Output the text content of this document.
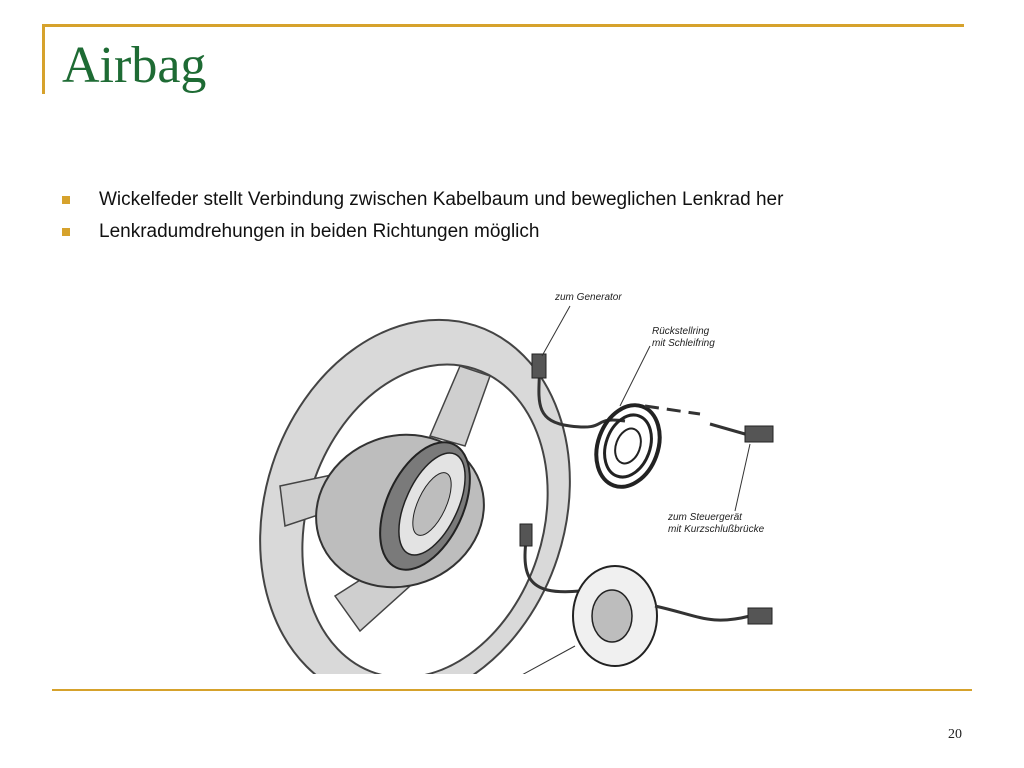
Airbag
Wickelfeder stellt Verbindung zwischen Kabelbaum und beweglichen Lenkrad her
Lenkradumdrehungen in beiden Richtungen möglich
zum Generator
Rückstellring
mit Schleifring
zum Steuergerät
mit Kurzschlußbrücke
20
